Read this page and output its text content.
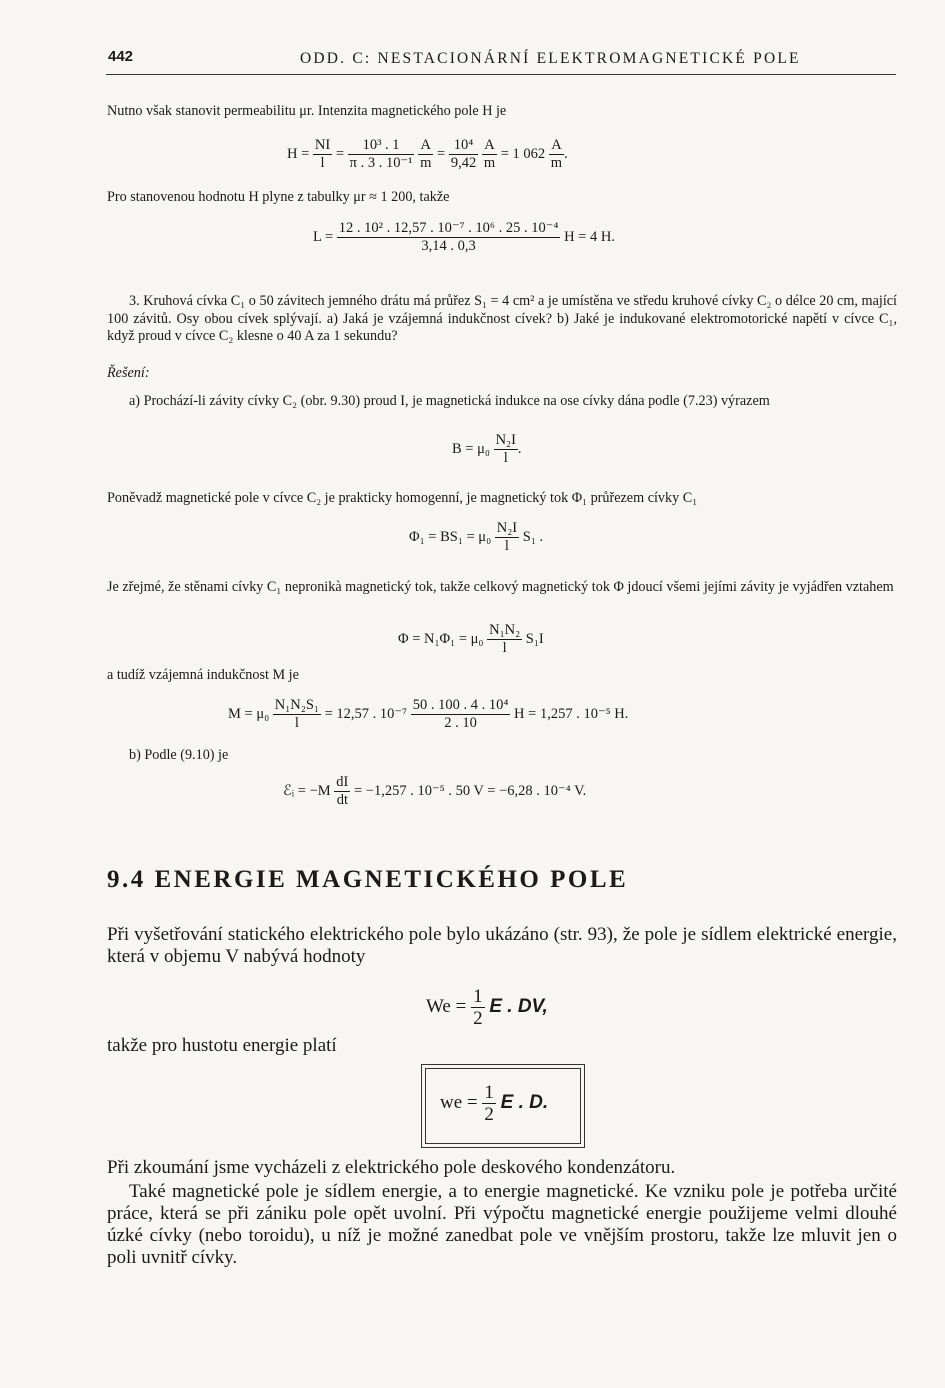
442	ODD. C: NESTACIONÁRNÍ ELEKTROMAGNETICKÉ POLE
Nutno však stanovit permeabilitu μr. Intenzita magnetického pole H je
$H = \frac{NI}{l} = \frac{\text{10³ . 1}}{\text{π . 3 . 10⁻¹}}$
$\frac{A}{m} = \frac{\text{10⁴}}{9,42}$
$\frac{A}{m} = 1$ $062 \frac{A}{m}$ .
Pro stanovenou hodnotu H plyne z tabulky μr ≈ 1 200, takže
$L = \frac{\text{12 . 10² . 12,57 . 10⁻⁷ . 10⁶ . 25 . 10⁻⁴}}{3,14 . 0,3}$ H = 4 H.
3. Kruhová cívka C₁ o 50 závitech jemného drátu má průřez S₁ = 4 cm² a je umístěna ve středu kruhové cívky C₂ o délce 20 cm, mající 100 závitů. Osy obou cívek splývají. a) Jaká je vzájemná indukčnost cívek? b) Jaké je indukované elektromotorické napětí v cívce C₁, když proud v cívce C₂ klesne o 40 A za 1 sekundu?
Řešení:
a) Prochází-li závity cívky C₂ (obr. 9.30) proud I, je magnetická indukce na ose cívky dána podle (7.23) výrazem
$B = \mu_0 \frac{\text{N₂I}}{l}$ .
Poněvadž magnetické pole v cívce C₂ je prakticky homogenní, je magnetický tok Φ₁ průřezem cívky C₁
$\Phi_1 = BS_1 = \mu_0 \frac{\text{N₂I}}{l} S_1$ .
Je zřejmé, že stěnami cívky C₁ nepronikà magnetický tok, takže celkový magnetický tok Φ jdoucí všemi jejími závity je vyjádřen vztahem
$\Phi = N_1\Phi_1 = \mu_0 \frac{\text{N₁N₂}}{l} S_1I$
a tudíž vzájemná indukčnost M je
$M = \mu_0 \frac{\text{N₁N₂S₁}}{l} = 12,57$ . $10^{-7} \frac{\text{50 . 100 . 4 . 10⁴}}{2 . 10}$ H = 1,257 . 10⁻⁵ H.
b) Podle (9.10) je
ℰᵢ = $-M \frac{dI}{dt} = -1,257$ . 10⁻⁵ . 50 V = −6,28 . 10⁻⁴ V.
9.4 ENERGIE MAGNETICKÉHO POLE
Při vyšetřování statického elektrického pole bylo ukázáno (str. 93), že pole je sídlem elektrické energie, která v objemu V nabývá hodnoty
$We = \frac{1}{2}$ E . DV,
takže pro hustotu energie platí
we = $\frac{1}{2}$ E . D.
Při zkoumání jsme vycházeli z elektrického pole deskového kondenzátoru.
Také magnetické pole je sídlem energie, a to energie magnetické. Ke vzniku pole je potřeba určité práce, která se při zániku pole opět uvolní. Při výpočtu magnetické energie použijeme velmi dlouhé úzké cívky (nebo toroidu), u níž je možné zanedbat pole ve vnějším prostoru, takže lze mluvit jen o poli uvnitř cívky.
